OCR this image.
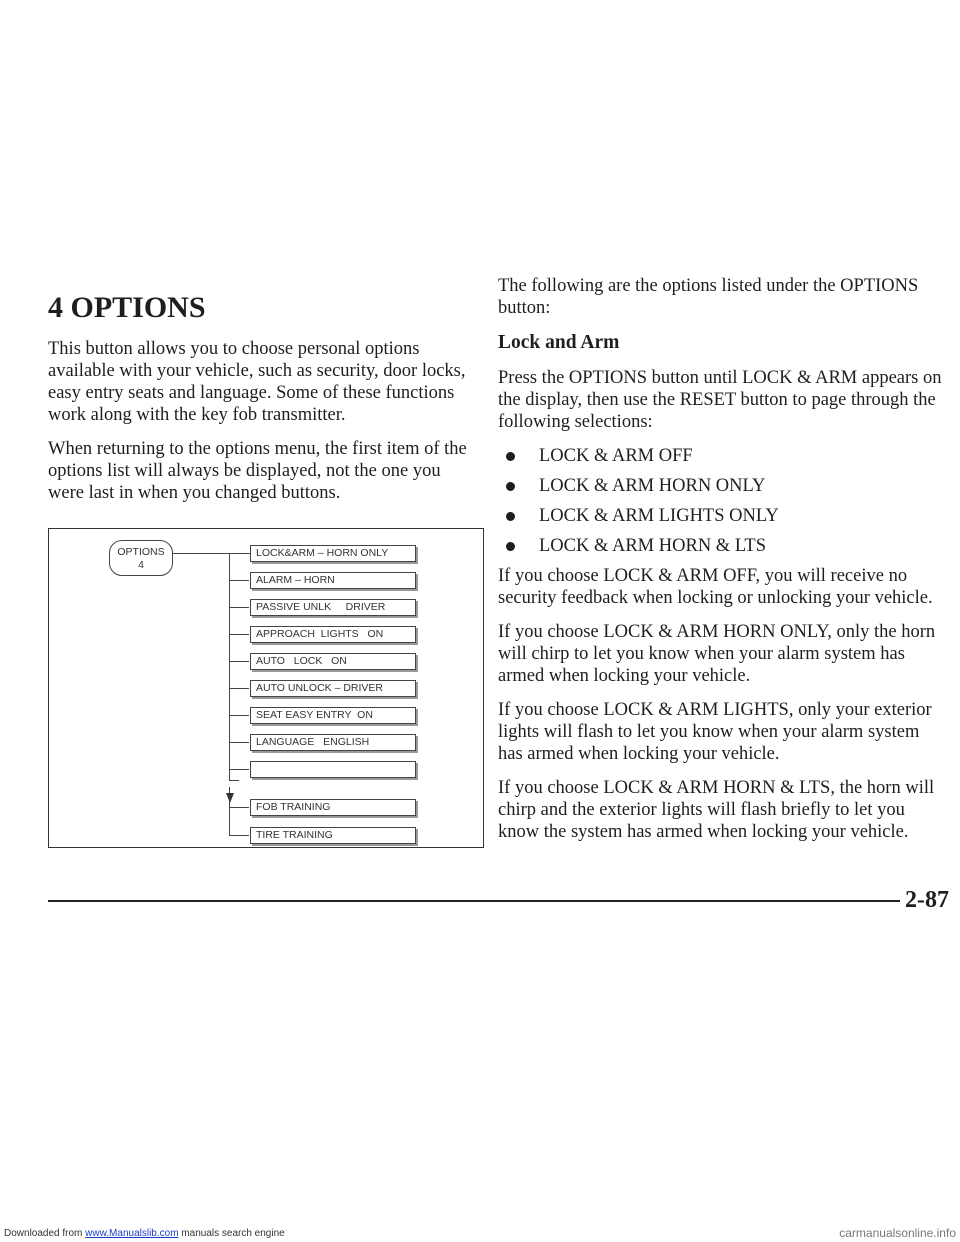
4 OPTIONS

This button allows you to choose personal options available with your vehicle, such as security, door locks, easy entry seats and language. Some of these functions work along with the key fob transmitter.

When returning to the options menu, the first item of the options list will always be displayed, not the one you were last in when you changed buttons.

OPTIONS
4
LOCK&ARM – HORN ONLY
ALARM – HORN
PASSIVE UNLK     DRIVER
APPROACH  LIGHTS   ON
AUTO   LOCK   ON
AUTO UNLOCK – DRIVER
SEAT EASY ENTRY  ON
LANGUAGE   ENGLISH
FOB TRAINING
TIRE TRAINING

The following are the options listed under the OPTIONS button:

Lock and Arm

Press the OPTIONS button until LOCK & ARM appears on the display, then use the RESET button to page through the following selections:

LOCK & ARM OFF
LOCK & ARM HORN ONLY
LOCK & ARM LIGHTS ONLY
LOCK & ARM HORN & LTS

If you choose LOCK & ARM OFF, you will receive no security feedback when locking or unlocking your vehicle.

If you choose LOCK & ARM HORN ONLY, only the horn will chirp to let you know when your alarm system has armed when locking your vehicle.

If you choose LOCK & ARM LIGHTS, only your exterior lights will flash to let you know when your alarm system has armed when locking your vehicle.

If you choose LOCK & ARM HORN & LTS, the horn will chirp and the exterior lights will flash briefly to let you know the system has armed when locking your vehicle.

2-87
Downloaded from www.Manualslib.com manuals search engine	carmanualsonline.info
